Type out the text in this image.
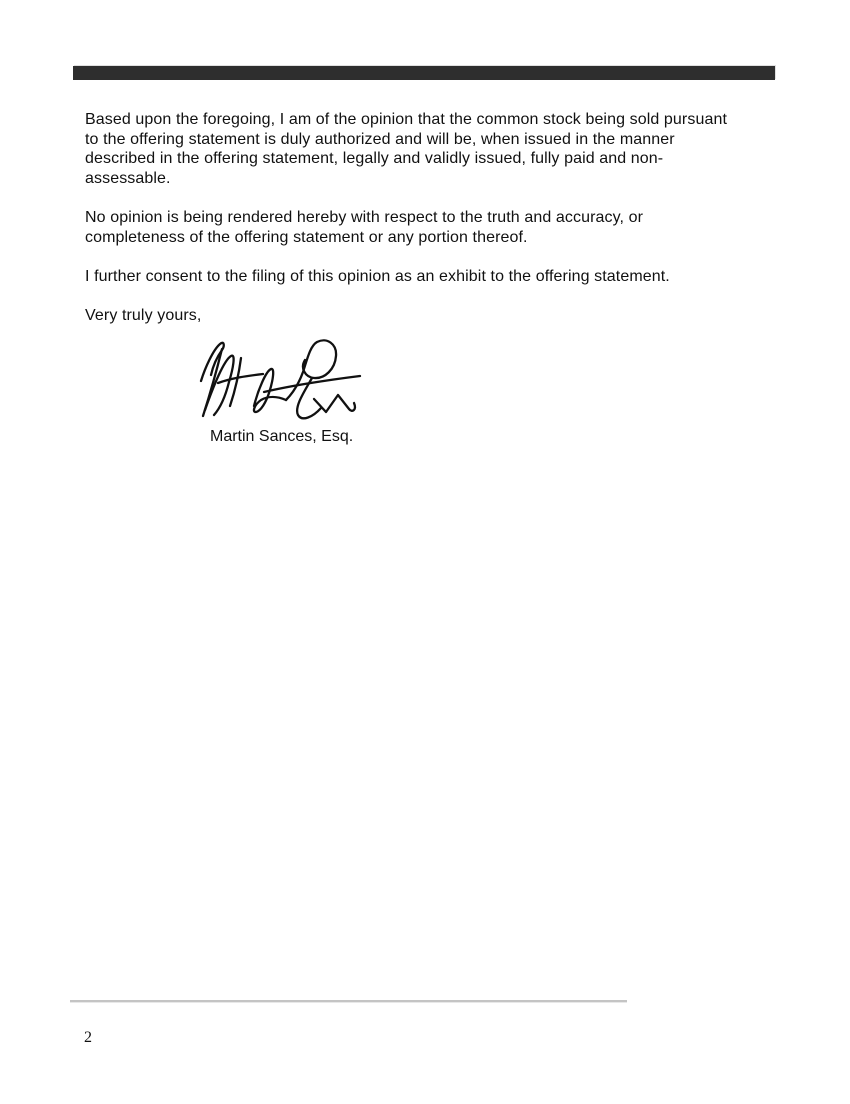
Based upon the foregoing, I am of the opinion that the common stock being sold pursuant
to the offering statement is duly authorized and will be, when issued in the manner
described in the offering statement, legally and validly issued, fully paid and non-
assessable.
No opinion is being rendered hereby with respect to the truth and accuracy, or
completeness of the offering statement or any portion thereof.
I further consent to the filing of this opinion as an exhibit to the offering statement.
Very truly yours,
Martin Sances, Esq.
2
